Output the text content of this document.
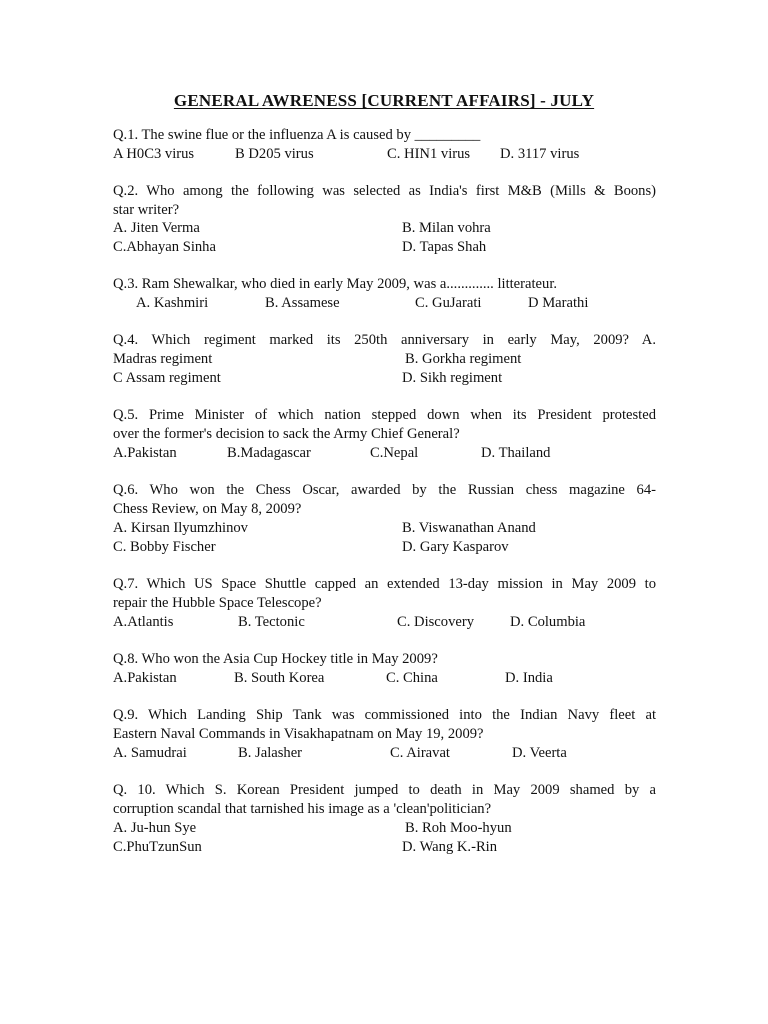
GENERAL AWRENESS [CURRENT AFFAIRS] - JULY
Q.1. The swine flue or the influenza A is caused by _________
A H0C3 virus	B D205 virus	C. HIN1 virus D. 3117 virus
Q.2. Who among the following was selected as India's first M&B (Mills & Boons)
star writer?
A. Jiten Verma	B. Milan vohra
C.Abhayan Sinha	D. Tapas Shah
Q.3. Ram Shewalkar, who died in early May 2009, was a............. litterateur.
A. Kashmiri	B. Assamese	C. GuJarati	D Marathi
Q.4. Which regiment marked its 250th anniversary in early May, 2009? A.
Madras regiment	B. Gorkha regiment
C Assam regiment	D. Sikh regiment
Q.5. Prime Minister of which nation stepped down when its President protested
over the former's decision to sack the Army Chief General?
A.Pakistan	B.Madagascar	C.Nepal	D. Thailand
Q.6. Who won the Chess Oscar, awarded by the Russian chess magazine 64-
Chess Review, on May 8, 2009?
A. Kirsan Ilyumzhinov	B. Viswanathan Anand
C. Bobby Fischer	D. Gary Kasparov
Q.7. Which US Space Shuttle capped an extended 13-day mission in May 2009 to
repair the Hubble Space Telescope?
A.Atlantis	B. Tectonic	C. Discovery D. Columbia
Q.8. Who won the Asia Cup Hockey title in May 2009?
A.Pakistan	B. South Korea	C. China	D. India
Q.9. Which Landing Ship Tank was commissioned into the Indian Navy fleet at
Eastern Naval Commands in Visakhapatnam on May 19, 2009?
A. Samudrai	B. Jalasher	C. Airavat	D. Veerta
Q. 10. Which S. Korean President jumped to death in May 2009 shamed by a
corruption scandal that tarnished his image as a 'clean'politician?
A. Ju-hun Sye	B. Roh Moo-hyun
C.PhuTzunSun	D. Wang K.-Rin
